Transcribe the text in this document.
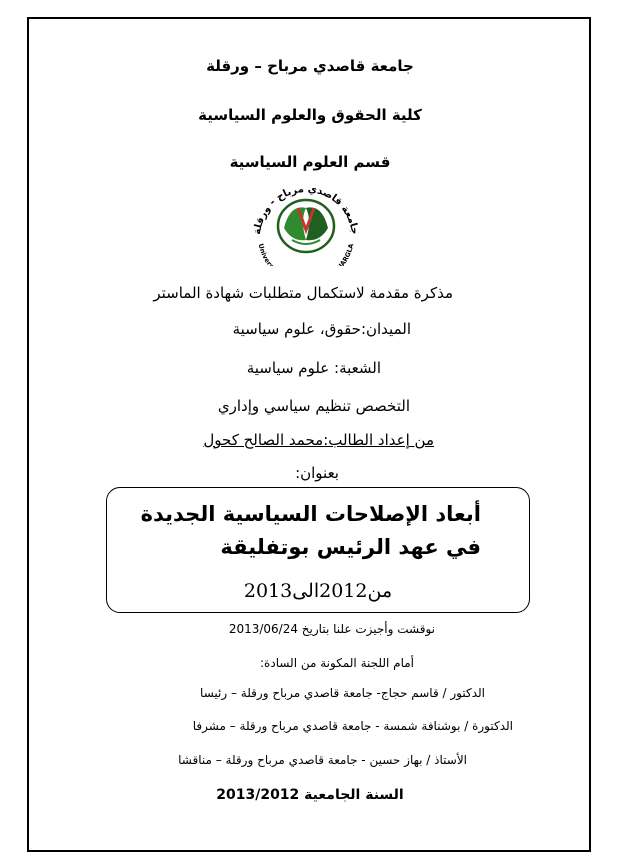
جامعة قاصدي مرباح – ورقلة
كلية الحقوق والعلوم السياسية
قسم العلوم السياسية
جامعة قاصدي مرباح - ورقلة
Univer ARGLA
مذكرة مقدمة لاستكمال متطلبات شهادة الماستر
الميدان:حقوق، علوم سياسية
الشعبة: علوم سياسية
التخصص تنظيم سياسي وإداري
من إعداد الطالب:محمد الصالح كحول
بعنوان:
أبعاد الإصلاحات السياسية الجديدة في عهد الرئيس بوتفليقة
من2012الى2013
نوقشت وأجيزت علنا بتاريخ 2013/06/24
أمام اللجنة المكونة من السادة:
الدكتور / قاسم حجاج- جامعة قاصدي مرباح ورقلة – رئيسا
الدكتورة / بوشنافة شمسة - جامعة قاصدي مرباح ورقلة – مشرفا
الأستاذ / بهاز حسين - جامعة قاصدي مرباح ورقلة – مناقشا
السنة الجامعية 2013/2012
